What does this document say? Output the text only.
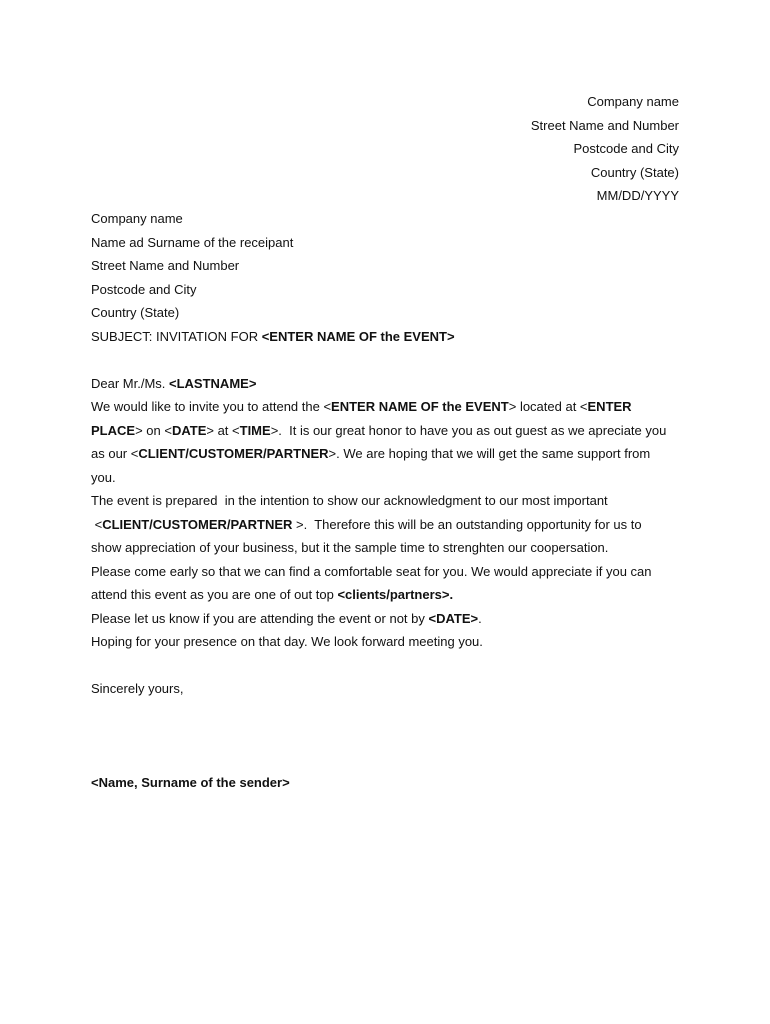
Company name
Street Name and Number
Postcode and City
Country (State)
MM/DD/YYYY
Company name
Name ad Surname of the receipant
Street Name and Number
Postcode and City
Country (State)
SUBJECT: INVITATION FOR <ENTER NAME OF the EVENT>
Dear Mr./Ms. <LASTNAME>
We would like to invite you to attend the <ENTER NAME OF the EVENT> located at <ENTER
PLACE> on <DATE> at <TIME>.  It is our great honor to have you as out guest as we apreciate you
as our <CLIENT/CUSTOMER/PARTNER>. We are hoping that we will get the same support from
you.
The event is prepared  in the intention to show our acknowledgment to our most important
<CLIENT/CUSTOMER/PARTNER >.  Therefore this will be an outstanding opportunity for us to
show appreciation of your business, but it the sample time to strenghten our coopersation.
Please come early so that we can find a comfortable seat for you. We would appreciate if you can
attend this event as you are one of out top <clients/partners>.
Please let us know if you are attending the event or not by <DATE>.
Hoping for your presence on that day. We look forward meeting you.
Sincerely yours,
<Name, Surname of the sender>
